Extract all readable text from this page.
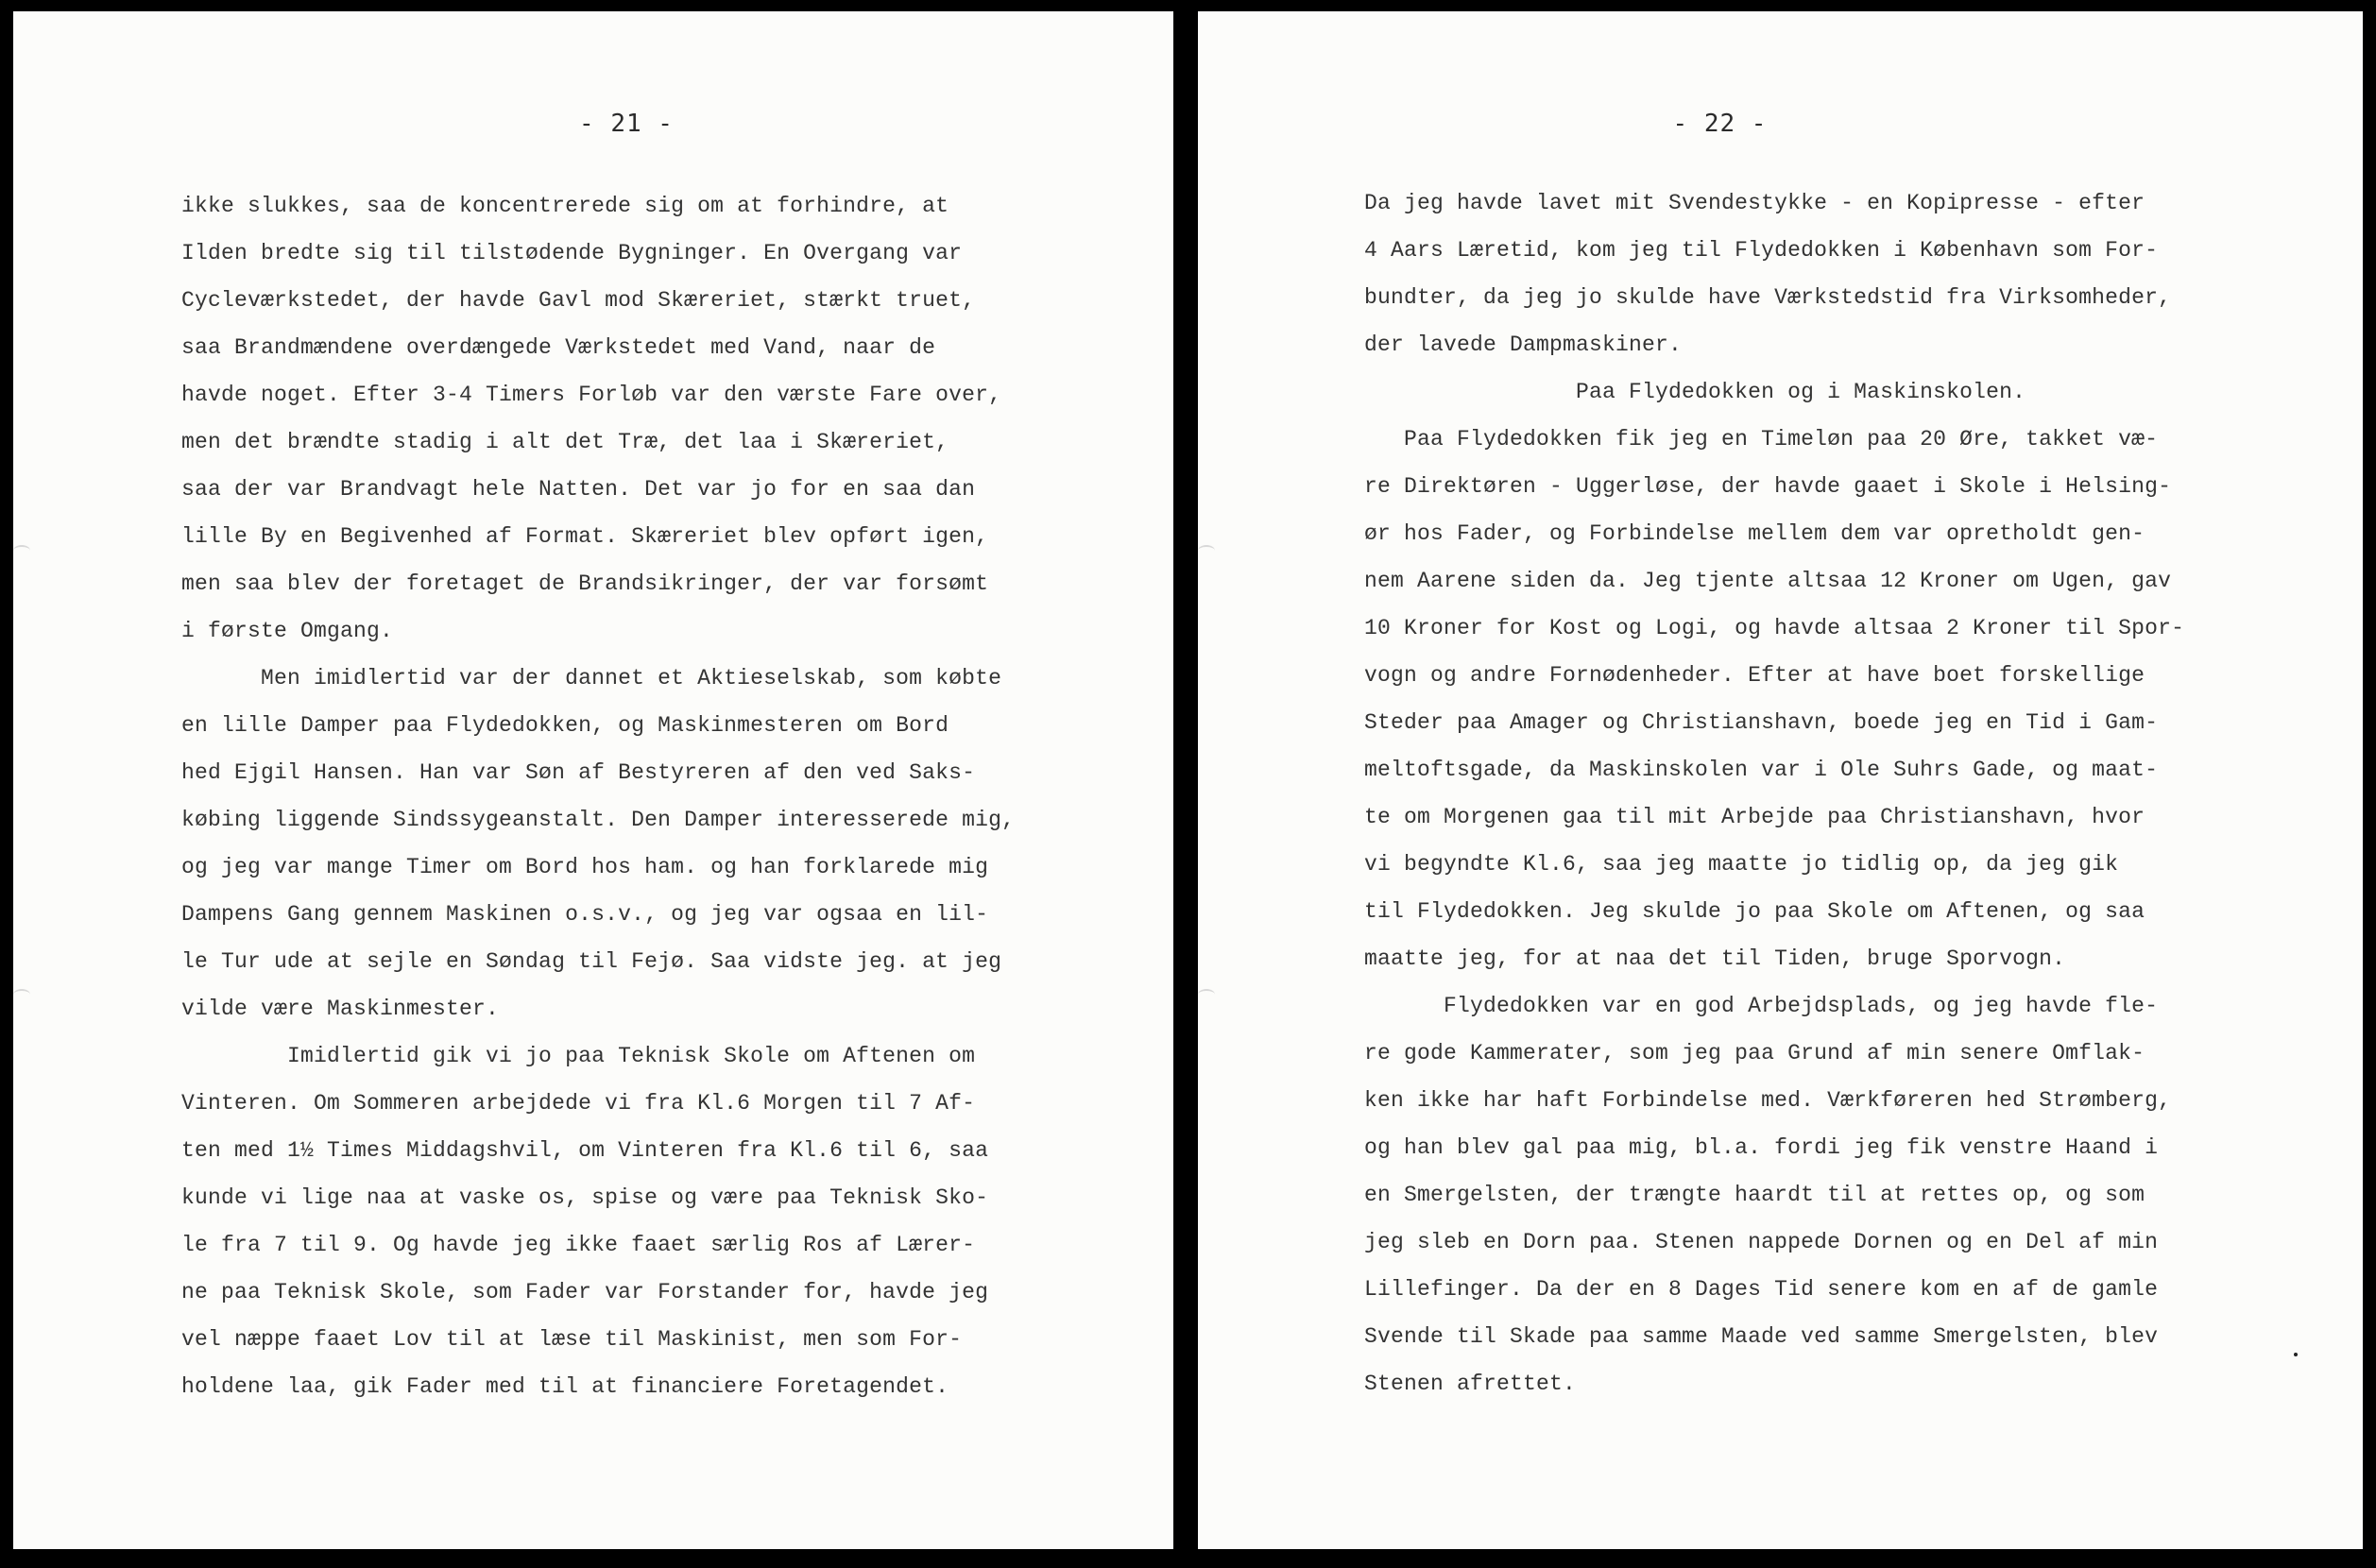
- 21 -
ikke slukkes, saa de koncentrerede sig om at forhindre, at
Ilden bredte sig til tilstødende Bygninger. En Overgang var
Cycleværkstedet, der havde Gavl mod Skæreriet, stærkt truet,
saa Brandmændene overdængede Værkstedet med Vand, naar de
havde noget. Efter 3-4 Timers Forløb var den værste Fare over,
men det brændte stadig i alt det Træ, det laa i Skæreriet,
saa der var Brandvagt hele Natten. Det var jo for en saa dan
lille By en Begivenhed af Format. Skæreriet blev opført igen,
men saa blev der foretaget de Brandsikringer, der var forsømt
i første Omgang.
Men imidlertid var der dannet et Aktieselskab, som købte
en lille Damper paa Flydedokken, og Maskinmesteren om Bord
hed Ejgil Hansen. Han var Søn af Bestyreren af den ved Saks-
købing liggende Sindssygeanstalt. Den Damper interesserede mig,
og jeg var mange Timer om Bord hos ham. og han forklarede mig
Dampens Gang gennem Maskinen o.s.v., og jeg var ogsaa en lil-
le Tur ude at sejle en Søndag til Fejø. Saa vidste jeg. at jeg
vilde være Maskinmester.
Imidlertid gik vi jo paa Teknisk Skole om Aftenen om
Vinteren. Om Sommeren arbejdede vi fra Kl.6 Morgen til 7 Af-
ten med 1½ Times Middagshvil, om Vinteren fra Kl.6 til 6, saa
kunde vi lige naa at vaske os, spise og være paa Teknisk Sko-
le fra 7 til 9. Og havde jeg ikke faaet særlig Ros af Lærer-
ne paa Teknisk Skole, som Fader var Forstander for, havde jeg
vel næppe faaet Lov til at læse til Maskinist, men som For-
holdene laa, gik Fader med til at financiere Foretagendet.
- 22 -
Da jeg havde lavet mit Svendestykke - en Kopipresse - efter
4 Aars Læretid, kom jeg til Flydedokken i København som For-
bundter, da jeg jo skulde have Værkstedstid fra Virksomheder,
der lavede Dampmaskiner.
Paa Flydedokken og i Maskinskolen.
Paa Flydedokken fik jeg en Timeløn paa 20 Øre, takket væ-
re Direktøren - Uggerløse, der havde gaaet i Skole i Helsing-
ør hos Fader, og Forbindelse mellem dem var opretholdt gen-
nem Aarene siden da. Jeg tjente altsaa 12 Kroner om Ugen, gav
10 Kroner for Kost og Logi, og havde altsaa 2 Kroner til Spor-
vogn og andre Fornødenheder. Efter at have boet forskellige
Steder paa Amager og Christianshavn, boede jeg en Tid i Gam-
meltoftsgade, da Maskinskolen var i Ole Suhrs Gade, og maat-
te om Morgenen gaa til mit Arbejde paa Christianshavn, hvor
vi begyndte Kl.6, saa jeg maatte jo tidlig op, da jeg gik
til Flydedokken. Jeg skulde jo paa Skole om Aftenen, og saa
maatte jeg, for at naa det til Tiden, bruge Sporvogn.
Flydedokken var en god Arbejdsplads, og jeg havde fle-
re gode Kammerater, som jeg paa Grund af min senere Omflak-
ken ikke har haft Forbindelse med. Værkføreren hed Strømberg,
og han blev gal paa mig, bl.a. fordi jeg fik venstre Haand i
en Smergelsten, der trængte haardt til at rettes op, og som
jeg sleb en Dorn paa. Stenen nappede Dornen og en Del af min
Lillefinger. Da der en 8 Dages Tid senere kom en af de gamle
Svende til Skade paa samme Maade ved samme Smergelsten, blev
Stenen afrettet.
